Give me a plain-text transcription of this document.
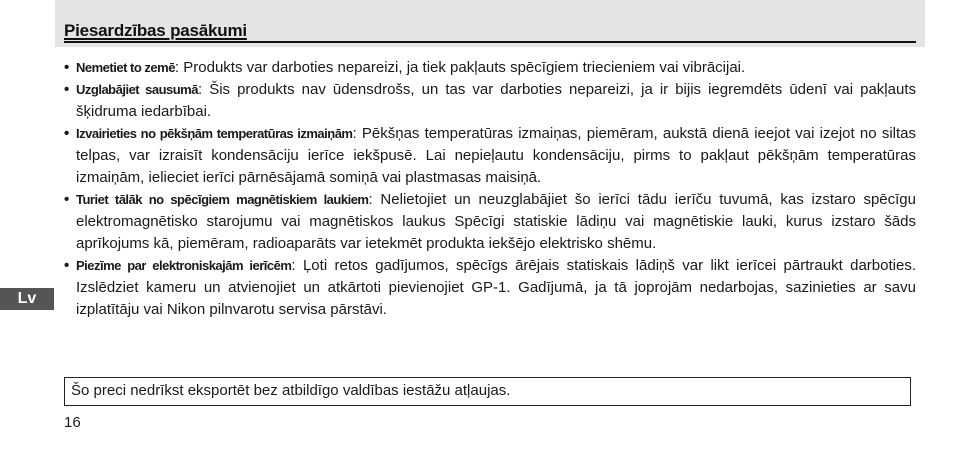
Piesardzības pasākumi
• Nemetiet to zemē: Produkts var darboties nepareizi, ja tiek pakļauts spēcīgiem triecieniem vai vibrācijai.
• Uzglabājiet sausumā: Šis produkts nav ūdensdrošs, un tas var darboties nepareizi, ja ir bijis iegremdēts ūdenī vai pakļauts šķidruma iedarbībai.
• Izvairieties no pēkšņām temperatūras izmaiņām: Pēkšņas temperatūras izmaiņas, piemēram, aukstā dienā ieejot vai izejot no siltas telpas, var izraisīt kondensāciju ierīce iekšpusē. Lai nepieļautu kondensāciju, pirms to pakļaut pēkšņām temperatūras izmaiņām, ielieciet ierīci pārnēsājamā somiņā vai plastmasas maisiņā.
• Turiet tālāk no spēcīgiem magnētiskiem laukiem: Nelietojiet un neuzglabājiet šo ierīci tādu ierīču tuvumā, kas izstaro spēcīgu elektromagnētisko starojumu vai magnētiskos laukus Spēcīgi statiskie lādiņu vai magnētiskie lauki, kurus izstaro šāds aprīkojums kā, piemēram, radioaparāts var ietekmēt produkta iekšējo elektrisko shēmu.
• Piezīme par elektroniskajām ierīcēm: Ļoti retos gadījumos, spēcīgs ārējais statiskais lādiņš var likt ierīcei pārtraukt darboties. Izslēdziet kameru un atvienojiet un atkārtoti pievienojiet GP-1. Gadījumā, ja tā joprojām nedarbojas, sazinieties ar savu izplatītāju vai Nikon pilnvarotu servisa pārstāvi.
Lv
Šo preci nedrīkst eksportēt bez atbildīgo valdības iestāžu atļaujas.
16
